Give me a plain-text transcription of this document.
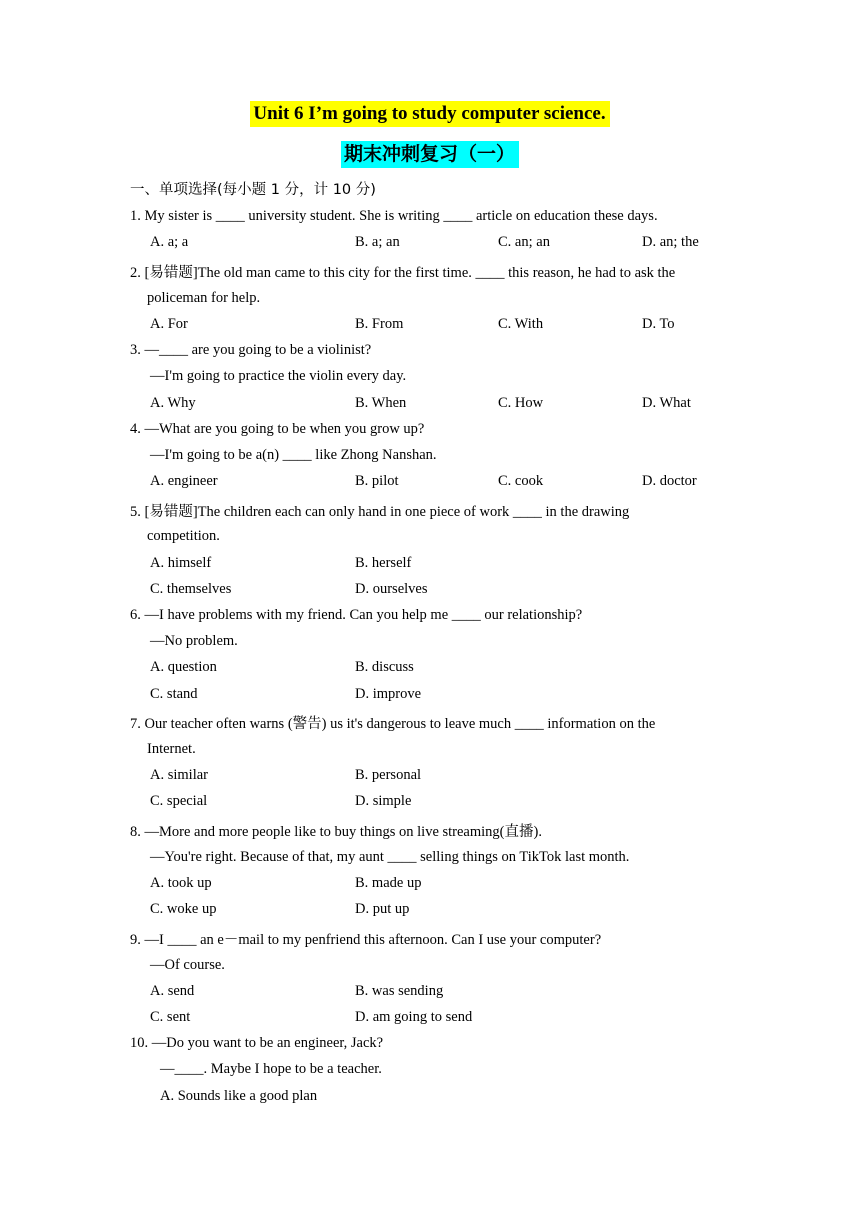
Unit 6 I’m going to study computer science.
期末冲刺复习（一）
一、单项选择(每小题 1 分，计 10 分)
1. My sister is ____ university student. She is writing ____ article on education these days.
A. a; a	B. a; an	C. an; an	D. an; the
2. [易错题]The old man came to this city for the first time. ____ this reason, he had to ask the
policeman for help.
A. For	B. From	C. With	D. To
3. —____ are you going to be a violinist?
—I'm going to practice the violin every day.
A. Why	B. When	C. How	D. What
4. —What are you going to be when you grow up?
—I'm going to be a(n) ____ like Zhong Nanshan.
A. engineer	B. pilot	C. cook	D. doctor
5. [易错题]The children each can only hand in one piece of work ____ in the drawing
competition.
A. himself	B. herself
C. themselves	D. ourselves
6. —I have problems with my friend. Can you help me ____ our relationship?
—No problem.
A. question	B. discuss
C. stand	D. improve
7. Our teacher often warns (警告) us it's dangerous to leave much ____ information on the
Internet.
A. similar	B. personal
C. special	D. simple
8. —More and more people like to buy things on live streaming(直播).
—You're right. Because of that, my aunt ____ selling things on TikTok last month.
A. took up	B. made up
C. woke up	D. put up
9. —I ____ an e－mail to my penfriend this afternoon. Can I use your computer?
—Of course.
A. send	B. was sending
C. sent	D. am going to send
10. —Do you want to be an engineer, Jack?
—____. Maybe I hope to be a teacher.
A. Sounds like a good plan
